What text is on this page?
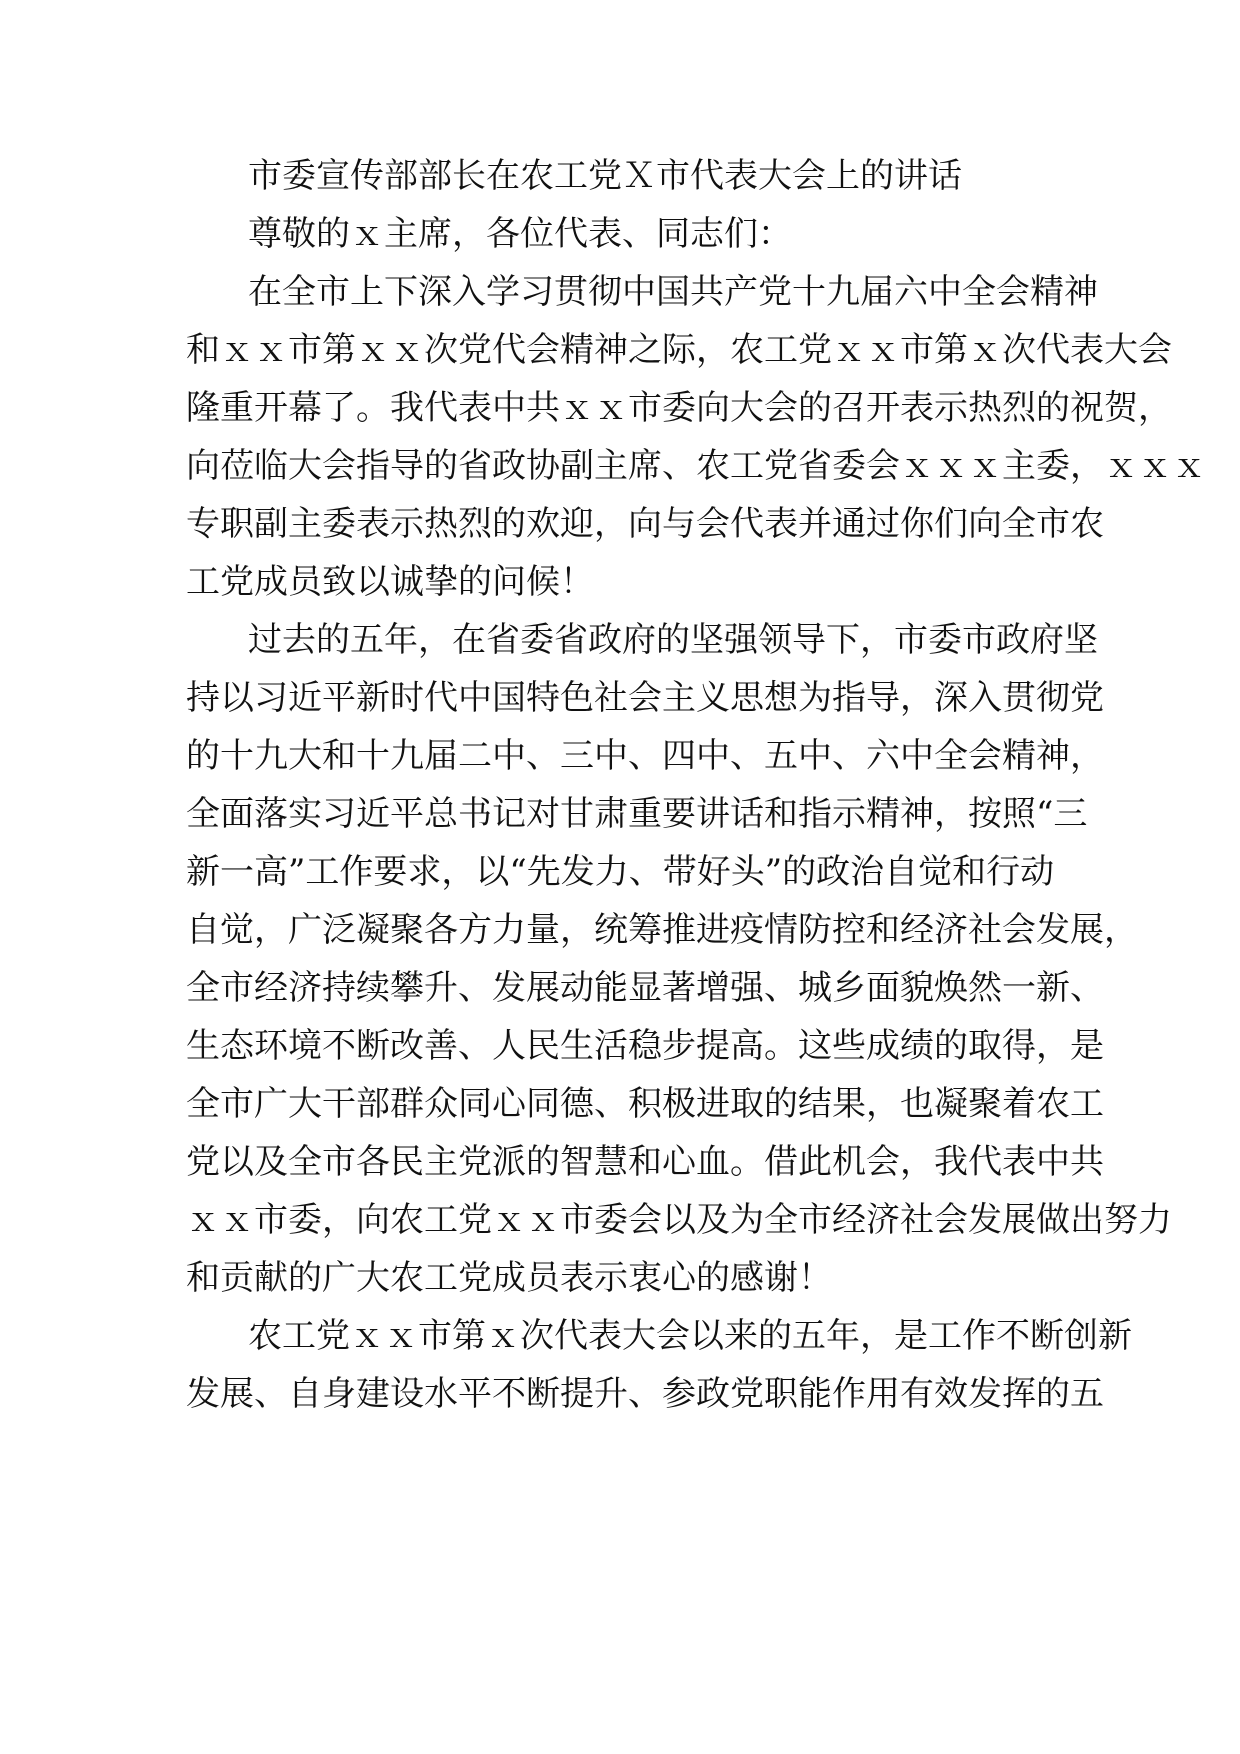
市委宣传部部长在农工党Ｘ市代表大会上的讲话
尊敬的ｘ主席，各位代表、同志们：
在全市上下深入学习贯彻中国共产党十九届六中全会精神
和ｘｘ市第ｘｘ次党代会精神之际，农工党ｘｘ市第ｘ次代表大会
隆重开幕了。我代表中共ｘｘ市委向大会的召开表示热烈的祝贺，
向莅临大会指导的省政协副主席、农工党省委会ｘｘｘ主委，ｘｘｘ
专职副主委表示热烈的欢迎，向与会代表并通过你们向全市农
工党成员致以诚挚的问候！
过去的五年，在省委省政府的坚强领导下，市委市政府坚
持以习近平新时代中国特色社会主义思想为指导，深入贯彻党
的十九大和十九届二中、三中、四中、五中、六中全会精神，
全面落实习近平总书记对甘肃重要讲话和指示精神，按照“三
新一高”工作要求，以“先发力、带好头”的政治自觉和行动
自觉，广泛凝聚各方力量，统筹推进疫情防控和经济社会发展，
全市经济持续攀升、发展动能显著增强、城乡面貌焕然一新、
生态环境不断改善、人民生活稳步提高。这些成绩的取得，是
全市广大干部群众同心同德、积极进取的结果，也凝聚着农工
党以及全市各民主党派的智慧和心血。借此机会，我代表中共
ｘｘ市委，向农工党ｘｘ市委会以及为全市经济社会发展做出努力
和贡献的广大农工党成员表示衷心的感谢！
农工党ｘｘ市第ｘ次代表大会以来的五年，是工作不断创新
发展、自身建设水平不断提升、参政党职能作用有效发挥的五
